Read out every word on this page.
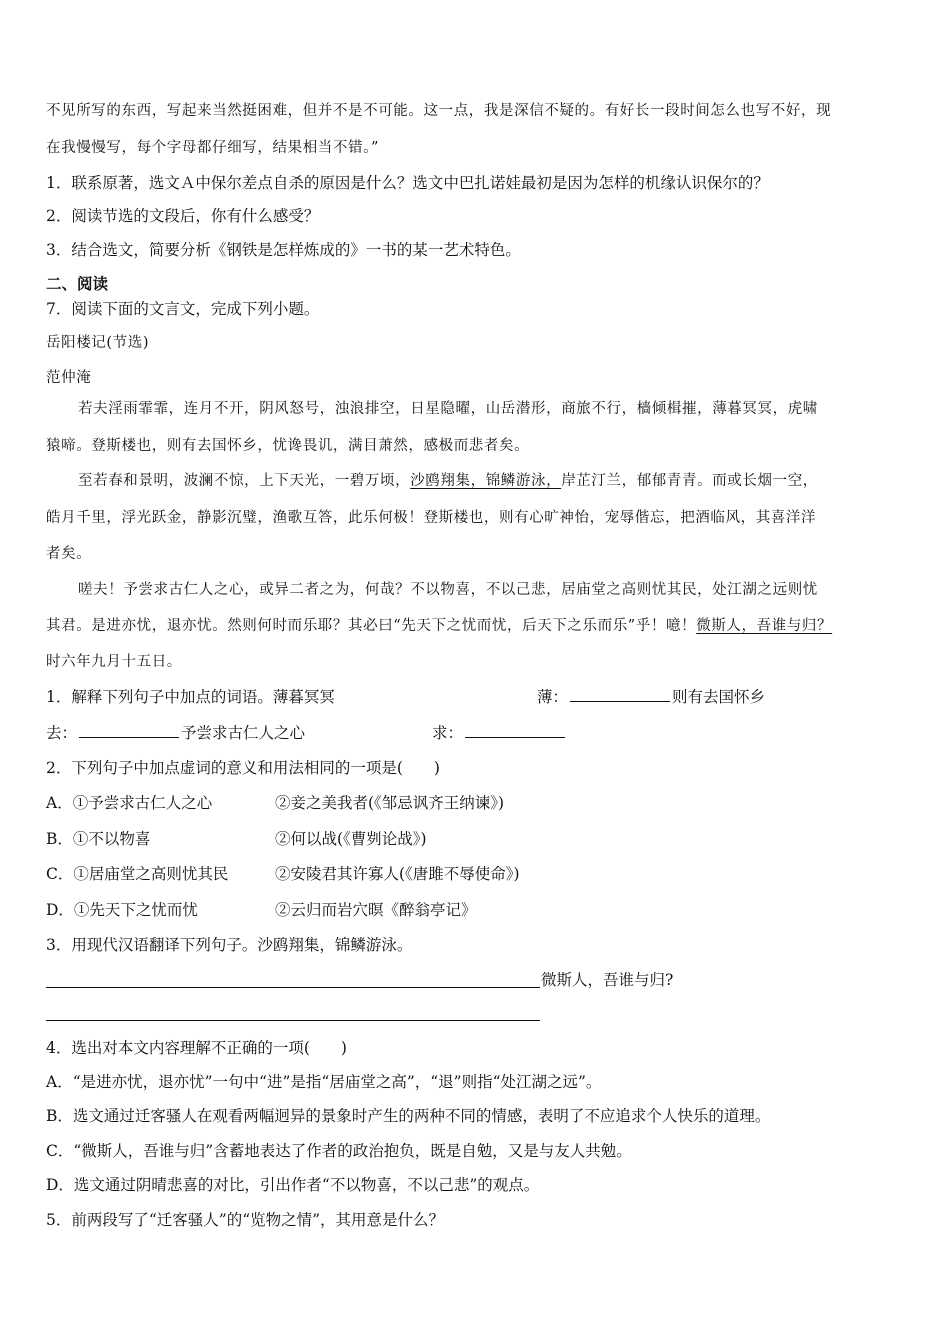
不见所写的东西，写起来当然挺困难，但并不是不可能。这一点，我是深信不疑的。有好长一段时间怎么也写不好，现
在我慢慢写，每个字母都仔细写，结果相当不错。”
1．联系原著，选文Ａ中保尔差点自杀的原因是什么？选文中巴扎诺娃最初是因为怎样的机缘认识保尔的？
2．阅读节选的文段后，你有什么感受？
3．结合选文，简要分析《钢铁是怎样炼成的》一书的某一艺术特色。
二、阅读
7．阅读下面的文言文，完成下列小题。
岳阳楼记(节选)
范仲淹
若夫淫雨霏霏，连月不开，阴风怒号，浊浪排空，日星隐曜，山岳潜形，商旅不行，樯倾楫摧，薄暮冥冥，虎啸
猿啼。登斯楼也，则有去国怀乡，忧谗畏讥，满目萧然，感极而悲者矣。
至若春和景明，波澜不惊，上下天光，一碧万顷，沙鸥翔集，锦鳞游泳，岸芷汀兰，郁郁青青。而或长烟一空，
皓月千里，浮光跃金，静影沉璧，渔歌互答，此乐何极！登斯楼也，则有心旷神怡，宠辱偕忘，把酒临风，其喜洋洋
者矣。
嗟夫！予尝求古仁人之心，或异二者之为，何哉？不以物喜，不以己悲，居庙堂之高则忧其民，处江湖之远则忧
其君。是进亦忧，退亦忧。然则何时而乐耶？其必曰“先天下之忧而忧，后天下之乐而乐”乎！噫！微斯人，吾谁与归？
时六年九月十五日。
1．解释下列句子中加点的词语。薄暮冥冥	薄：	则有去国怀乡
去：	予尝求古仁人之心	求：
2．下列句子中加点虚词的意义和用法相同的一项是(　　)
A．①予尝求古仁人之心	②妾之美我者(《邹忌讽齐王纳谏》)
B．①不以物喜	②何以战(《曹刿论战》)
C．①居庙堂之高则忧其民	②安陵君其许寡人(《唐雎不辱使命》)
D．①先天下之忧而忧	②云归而岩穴暝《醉翁亭记》
3．用现代汉语翻译下列句子。沙鸥翔集，锦鳞游泳。
微斯人，吾谁与归?
4．选出对本文内容理解不正确的一项(　　)
A．“是进亦忧，退亦忧”一句中“进”是指“居庙堂之高”，“退”则指“处江湖之远”。
B．选文通过迁客骚人在观看两幅迥异的景象时产生的两种不同的情感，表明了不应追求个人快乐的道理。
C．“微斯人，吾谁与归”含蓄地表达了作者的政治抱负，既是自勉，又是与友人共勉。
D．选文通过阴晴悲喜的对比，引出作者“不以物喜，不以己悲”的观点。
5．前两段写了“迁客骚人”的“览物之情”，其用意是什么？
